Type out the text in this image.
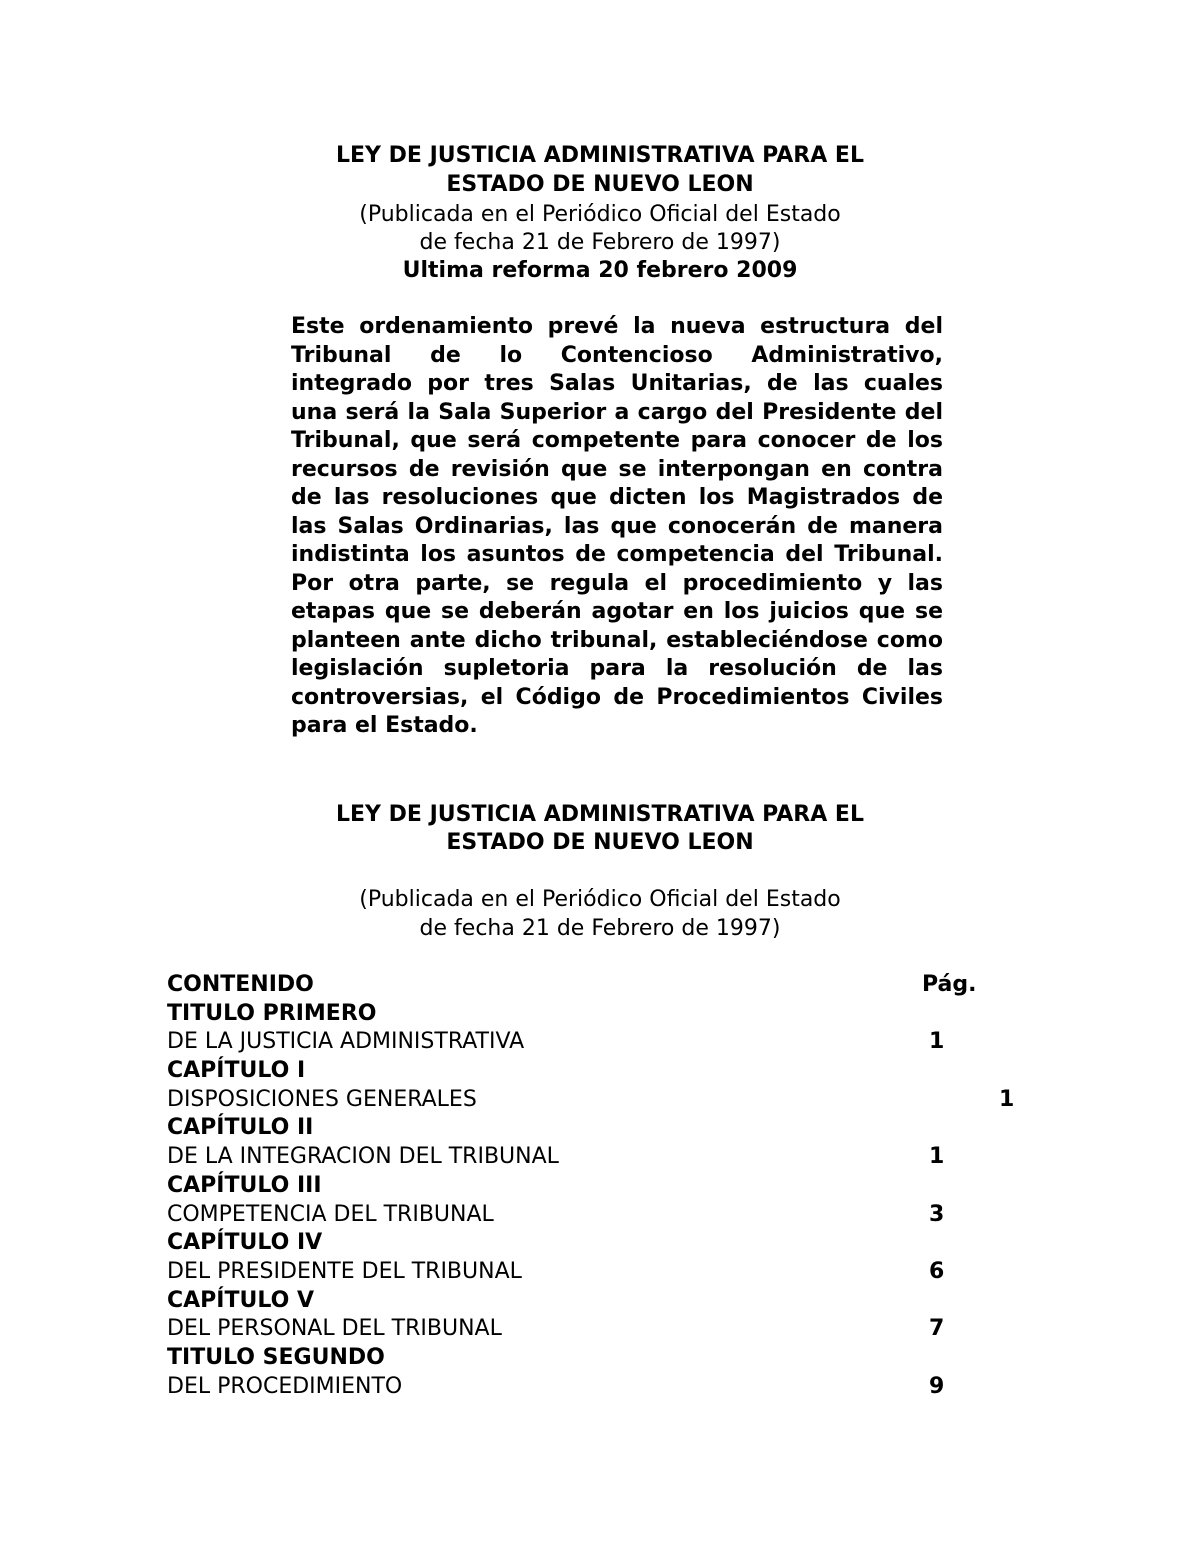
LEY DE JUSTICIA ADMINISTRATIVA PARA EL
ESTADO DE NUEVO LEON
(Publicada en el Periódico Oficial del Estado
de fecha 21 de Febrero de 1997)
Ultima reforma 20 febrero 2009
Este ordenamiento prevé la nueva estructura del Tribunal de lo Contencioso Administrativo, integrado por tres Salas Unitarias, de las cuales una será la Sala Superior a cargo del Presidente del Tribunal, que será competente para conocer de los recursos de revisión que se interpongan en contra de las resoluciones que dicten los Magistrados de las Salas Ordinarias, las que conocerán de manera indistinta los asuntos de competencia del Tribunal. Por otra parte, se regula el procedimiento y las etapas que se deberán agotar en los juicios que se planteen ante dicho tribunal, estableciéndose como legislación supletoria para la resolución de las controversias, el Código de Procedimientos Civiles para el Estado.
LEY DE JUSTICIA ADMINISTRATIVA PARA EL
ESTADO DE NUEVO LEON
(Publicada en el Periódico Oficial del Estado
de fecha 21 de Febrero de 1997)
CONTENIDO	Pág.
TITULO PRIMERO
DE LA JUSTICIA ADMINISTRATIVA	1
CAPÍTULO I
DISPOSICIONES GENERALES	1
CAPÍTULO II
DE LA INTEGRACION DEL TRIBUNAL	1
CAPÍTULO III
COMPETENCIA DEL TRIBUNAL	3
CAPÍTULO IV
DEL PRESIDENTE DEL TRIBUNAL	6
CAPÍTULO V
DEL PERSONAL DEL TRIBUNAL	7
TITULO SEGUNDO
DEL PROCEDIMIENTO	9
